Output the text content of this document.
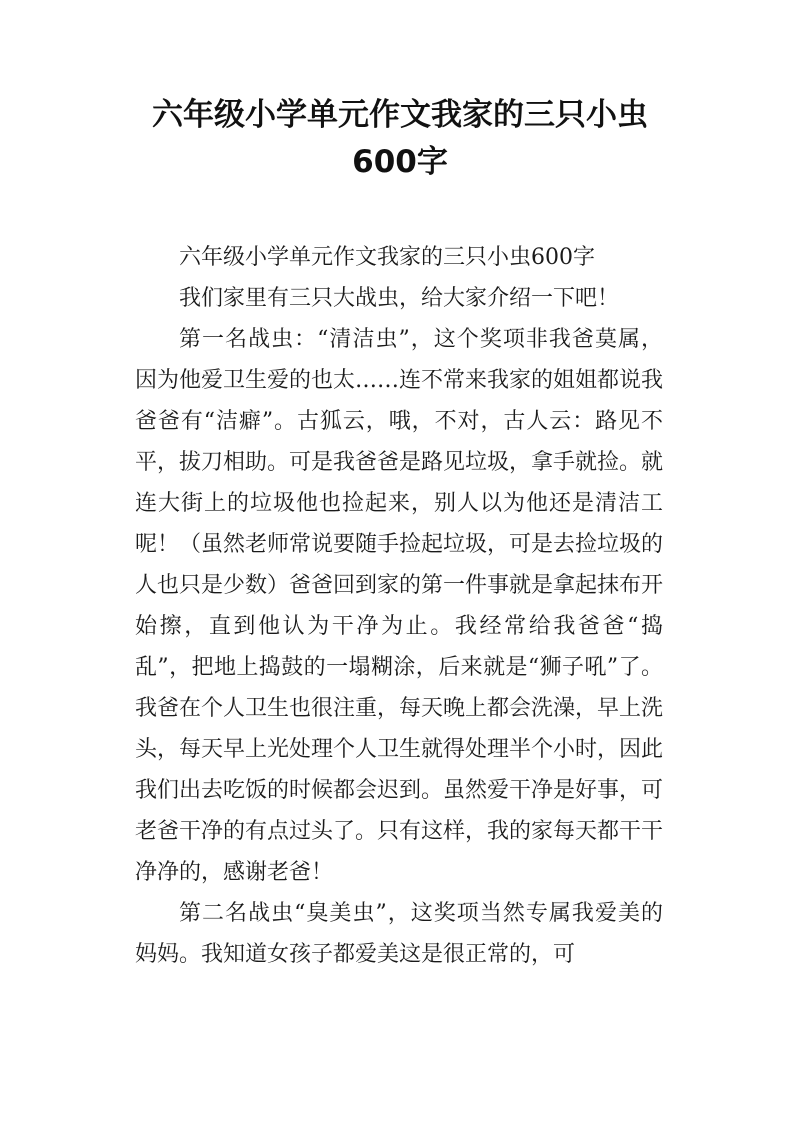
六年级小学单元作文我家的三只小虫
600字

六年级小学单元作文我家的三只小虫600字

我们家里有三只大战虫，给大家介绍一下吧！

第一名战虫：“清洁虫”，这个奖项非我爸莫属，因为他爱卫生爱的也太……连不常来我家的姐姐都说我爸爸有“洁癖”。古狐云，哦，不对，古人云：路见不平，拔刀相助。可是我爸爸是路见垃圾，拿手就捡。就连大街上的垃圾他也捡起来，别人以为他还是清洁工呢！（虽然老师常说要随手捡起垃圾，可是去捡垃圾的人也只是少数）爸爸回到家的第一件事就是拿起抹布开始擦，直到他认为干净为止。我经常给我爸爸“捣乱”，把地上捣鼓的一塌糊涂，后来就是“狮子吼”了。我爸在个人卫生也很注重，每天晚上都会洗澡，早上洗头，每天早上光处理个人卫生就得处理半个小时，因此我们出去吃饭的时候都会迟到。虽然爱干净是好事，可老爸干净的有点过头了。只有这样，我的家每天都干干净净的，感谢老爸！

第二名战虫“臭美虫”，这奖项当然专属我爱美的妈妈。我知道女孩子都爱美这是很正常的，可
